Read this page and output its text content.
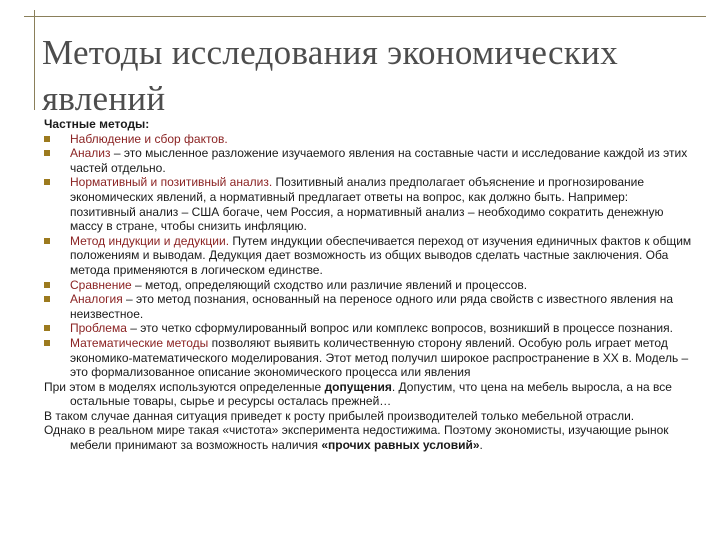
Методы исследования экономических явлений
Частные методы:
Наблюдение и сбор фактов.
Анализ – это мысленное разложение изучаемого явления на составные части и исследование каждой из этих частей отдельно.
Нормативный и позитивный анализ. Позитивный анализ предполагает объяснение и прогнозирование экономических явлений, а нормативный предлагает ответы на вопрос, как должно быть. Например: позитивный анализ – США богаче, чем Россия, а нормативный анализ – необходимо сократить денежную массу в стране, чтобы снизить инфляцию.
Метод индукции и дедукции. Путем индукции обеспечивается переход от изучения единичных фактов к общим положениям и выводам. Дедукция дает возможность из общих выводов сделать частные заключения. Оба метода применяются в логическом единстве.
Сравнение – метод, определяющий сходство или различие явлений и процессов.
Аналогия – это метод познания, основанный на переносе одного или ряда свойств с известного явления на неизвестное.
Проблема – это четко сформулированный вопрос или комплекс вопросов, возникший в процессе познания.
Математические методы позволяют выявить количественную сторону явлений. Особую роль играет метод экономико-математического моделирования. Этот метод получил широкое распространение в XX в. Модель – это формализованное описание экономического процесса или явления
При этом в моделях используются определенные допущения. Допустим, что цена на мебель выросла, а на все остальные товары, сырье и ресурсы осталась прежней…
В таком случае данная ситуация приведет к росту прибылей производителей только мебельной отрасли.
Однако в реальном мире такая «чистота» эксперимента недостижима. Поэтому экономисты, изучающие рынок мебели принимают за возможность наличия «прочих равных условий».
